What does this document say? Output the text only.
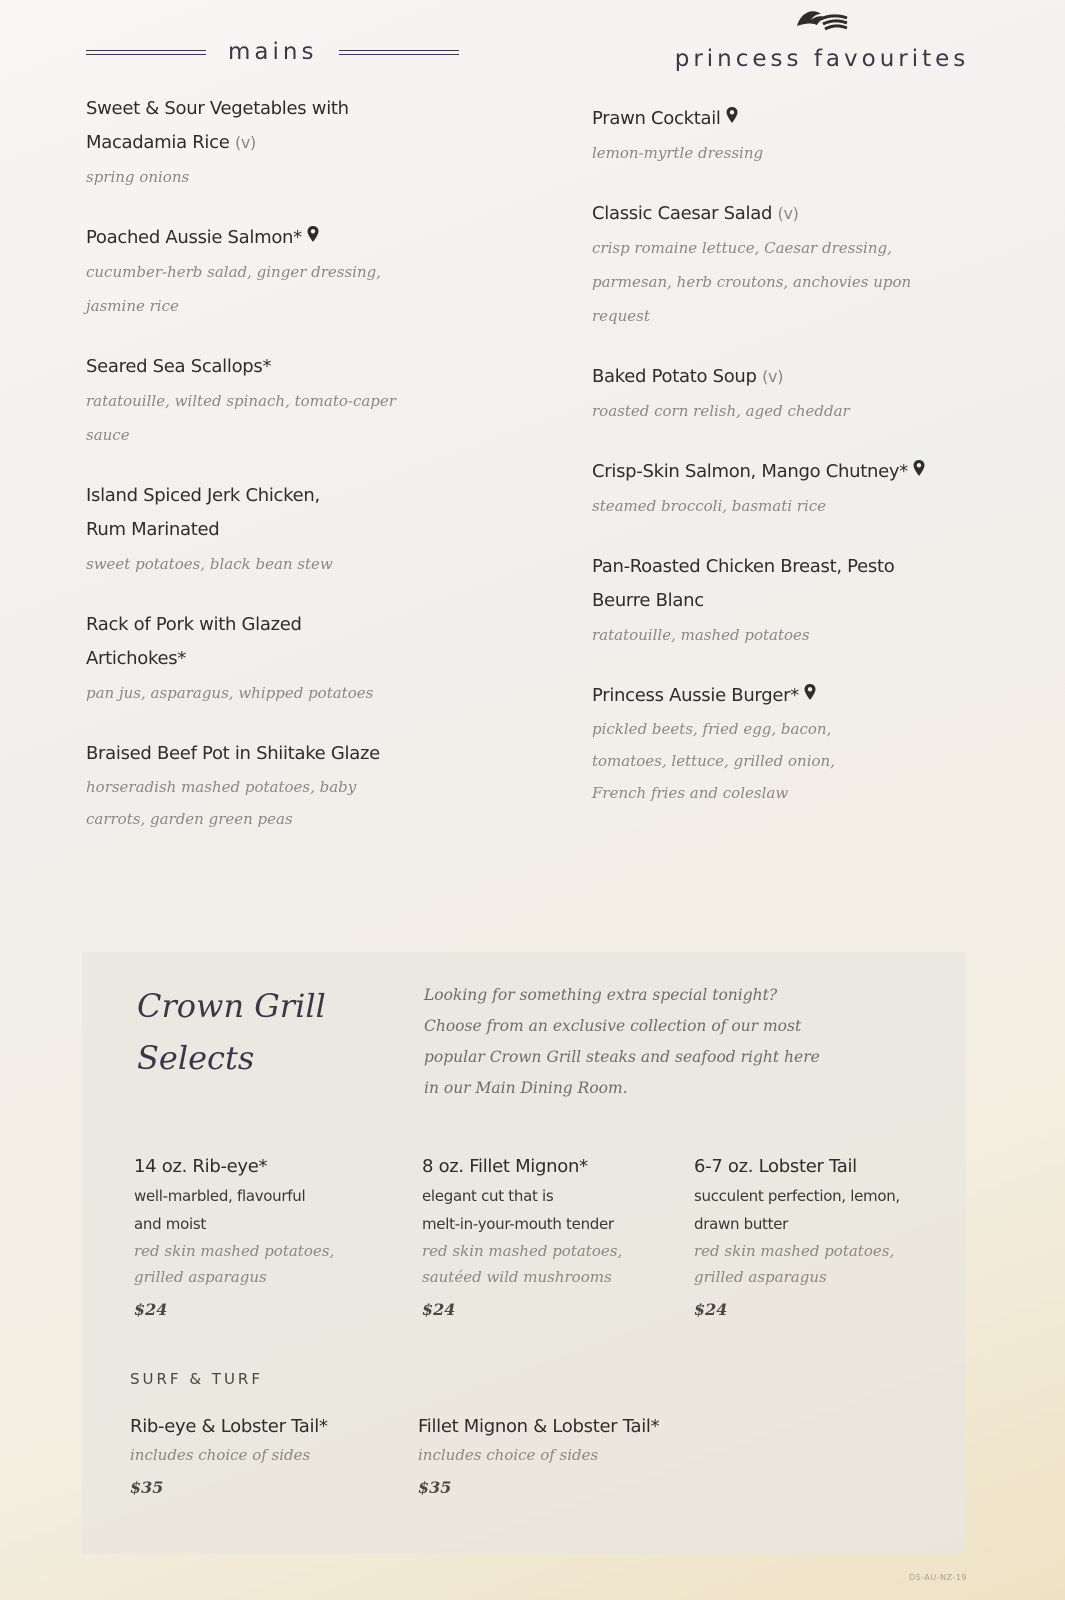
mains
Sweet & Sour Vegetables with
Macadamia Rice (v)
spring onions
Poached Aussie Salmon*
cucumber-herb salad, ginger dressing,
jasmine rice
Seared Sea Scallops*
ratatouille, wilted spinach, tomato-caper
sauce
Island Spiced Jerk Chicken,
Rum Marinated
sweet potatoes, black bean stew
Rack of Pork with Glazed
Artichokes*
pan jus, asparagus, whipped potatoes
Braised Beef Pot in Shiitake Glaze
horseradish mashed potatoes, baby
carrots, garden green peas
princess favourites
Prawn Cocktail
lemon-myrtle dressing
Classic Caesar Salad (v)
crisp romaine lettuce, Caesar dressing,
parmesan, herb croutons, anchovies upon
request
Baked Potato Soup (v)
roasted corn relish, aged cheddar
Crisp-Skin Salmon, Mango Chutney*
steamed broccoli, basmati rice
Pan-Roasted Chicken Breast, Pesto
Beurre Blanc
ratatouille, mashed potatoes
Princess Aussie Burger*
pickled beets, fried egg, bacon,
tomatoes, lettuce, grilled onion,
French fries and coleslaw
Crown Grill
Selects
Looking for something extra special tonight?
Choose from an exclusive collection of our most
popular Crown Grill steaks and seafood right here
in our Main Dining Room.
14 oz. Rib-eye*
well-marbled, flavourful
and moist
red skin mashed potatoes,
grilled asparagus
$24
8 oz. Fillet Mignon*
elegant cut that is
melt-in-your-mouth tender
red skin mashed potatoes,
sautéed wild mushrooms
$24
6-7 oz. Lobster Tail
succulent perfection, lemon,
drawn butter
red skin mashed potatoes,
grilled asparagus
$24
SURF & TURF
Rib-eye & Lobster Tail*
includes choice of sides
$35
Fillet Mignon & Lobster Tail*
includes choice of sides
$35
DS-AU-NZ-19
